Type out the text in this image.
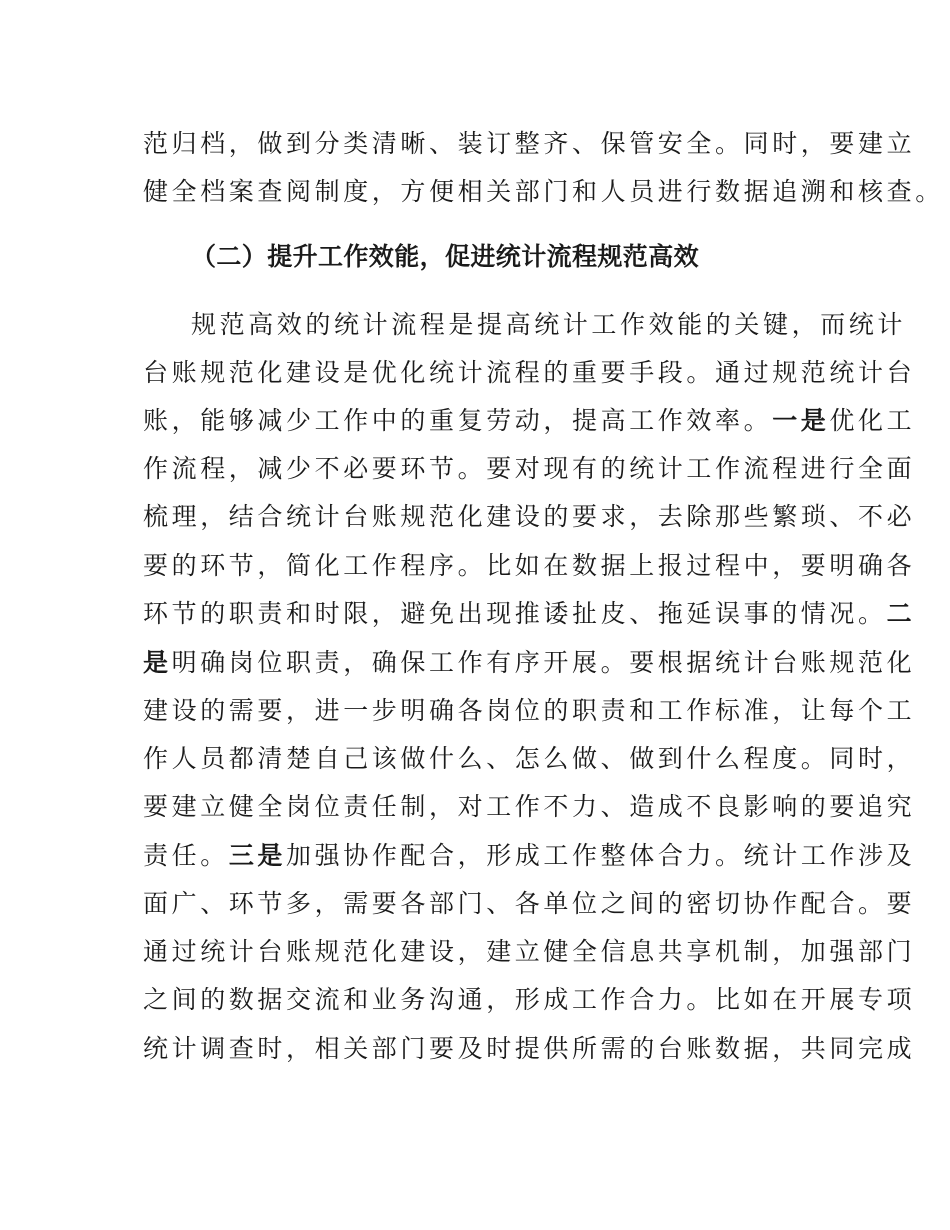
范归档，做到分类清晰、装订整齐、保管安全。同时，要建立
健全档案查阅制度，方便相关部门和人员进行数据追溯和核查。
（二）提升工作效能，促进统计流程规范高效
规范高效的统计流程是提高统计工作效能的关键，而统计
台账规范化建设是优化统计流程的重要手段。通过规范统计台
账，能够减少工作中的重复劳动，提高工作效率。一是优化工
作流程，减少不必要环节。要对现有的统计工作流程进行全面
梳理，结合统计台账规范化建设的要求，去除那些繁琐、不必
要的环节，简化工作程序。比如在数据上报过程中，要明确各
环节的职责和时限，避免出现推诿扯皮、拖延误事的情况。二
是明确岗位职责，确保工作有序开展。要根据统计台账规范化
建设的需要，进一步明确各岗位的职责和工作标准，让每个工
作人员都清楚自己该做什么、怎么做、做到什么程度。同时，
要建立健全岗位责任制，对工作不力、造成不良影响的要追究
责任。三是加强协作配合，形成工作整体合力。统计工作涉及
面广、环节多，需要各部门、各单位之间的密切协作配合。要
通过统计台账规范化建设，建立健全信息共享机制，加强部门
之间的数据交流和业务沟通，形成工作合力。比如在开展专项
统计调查时，相关部门要及时提供所需的台账数据，共同完成
